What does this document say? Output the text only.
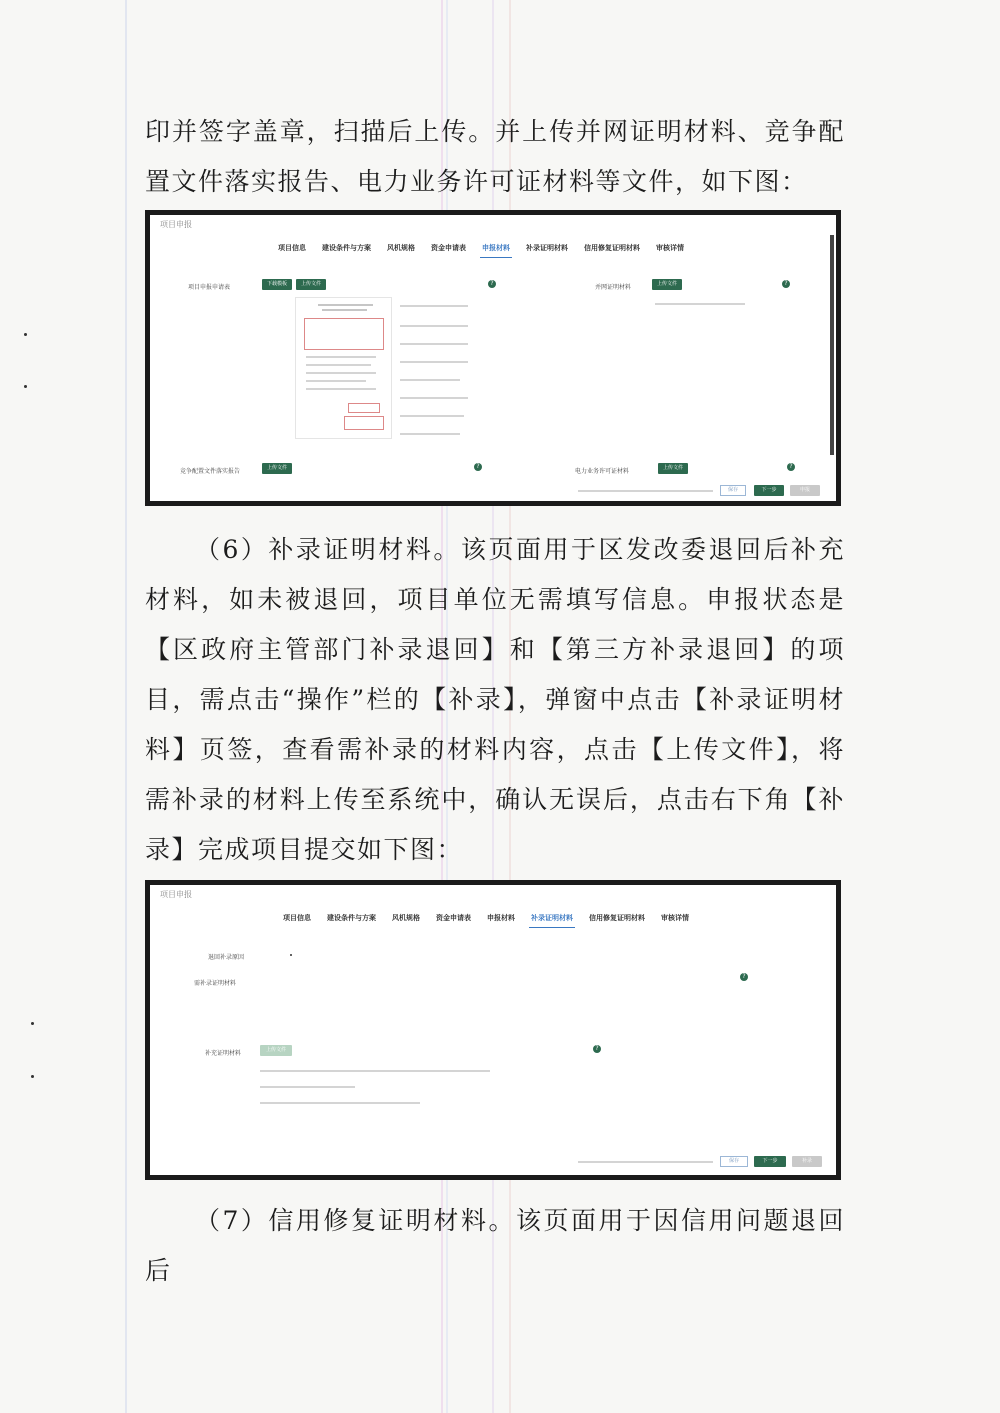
印并签字盖章，扫描后上传。并上传并网证明材料、竞争配置文件落实报告、电力业务许可证材料等文件，如下图：

项目申报
项目信息	建设条件与方案	风机规格	资金申请表	申报材料	补录证明材料	信用修复证明材料	审核详情
项目申报申请表	下载模板	上传文件	?
并网证明材料	上传文件	?
竞争配置文件落实报告	上传文件	?
电力业务许可证材料	上传文件	?
保存	下一步	申报

（6）补录证明材料。该页面用于区发改委退回后补充材料，如未被退回，项目单位无需填写信息。申报状态是【区政府主管部门补录退回】和【第三方补录退回】的项目，需点击“操作”栏的【补录】，弹窗中点击【补录证明材料】页签，查看需补录的材料内容，点击【上传文件】，将需补录的材料上传至系统中，确认无误后，点击右下角【补录】完成项目提交如下图：

项目申报
项目信息	建设条件与方案	风机规格	资金申请表	申报材料	补录证明材料	信用修复证明材料	审核详情
退回补录原因
需补录证明材料
?
补充证明材料	上传文件	?
保存	下一步	补录

（7）信用修复证明材料。该页面用于因信用问题退回后
